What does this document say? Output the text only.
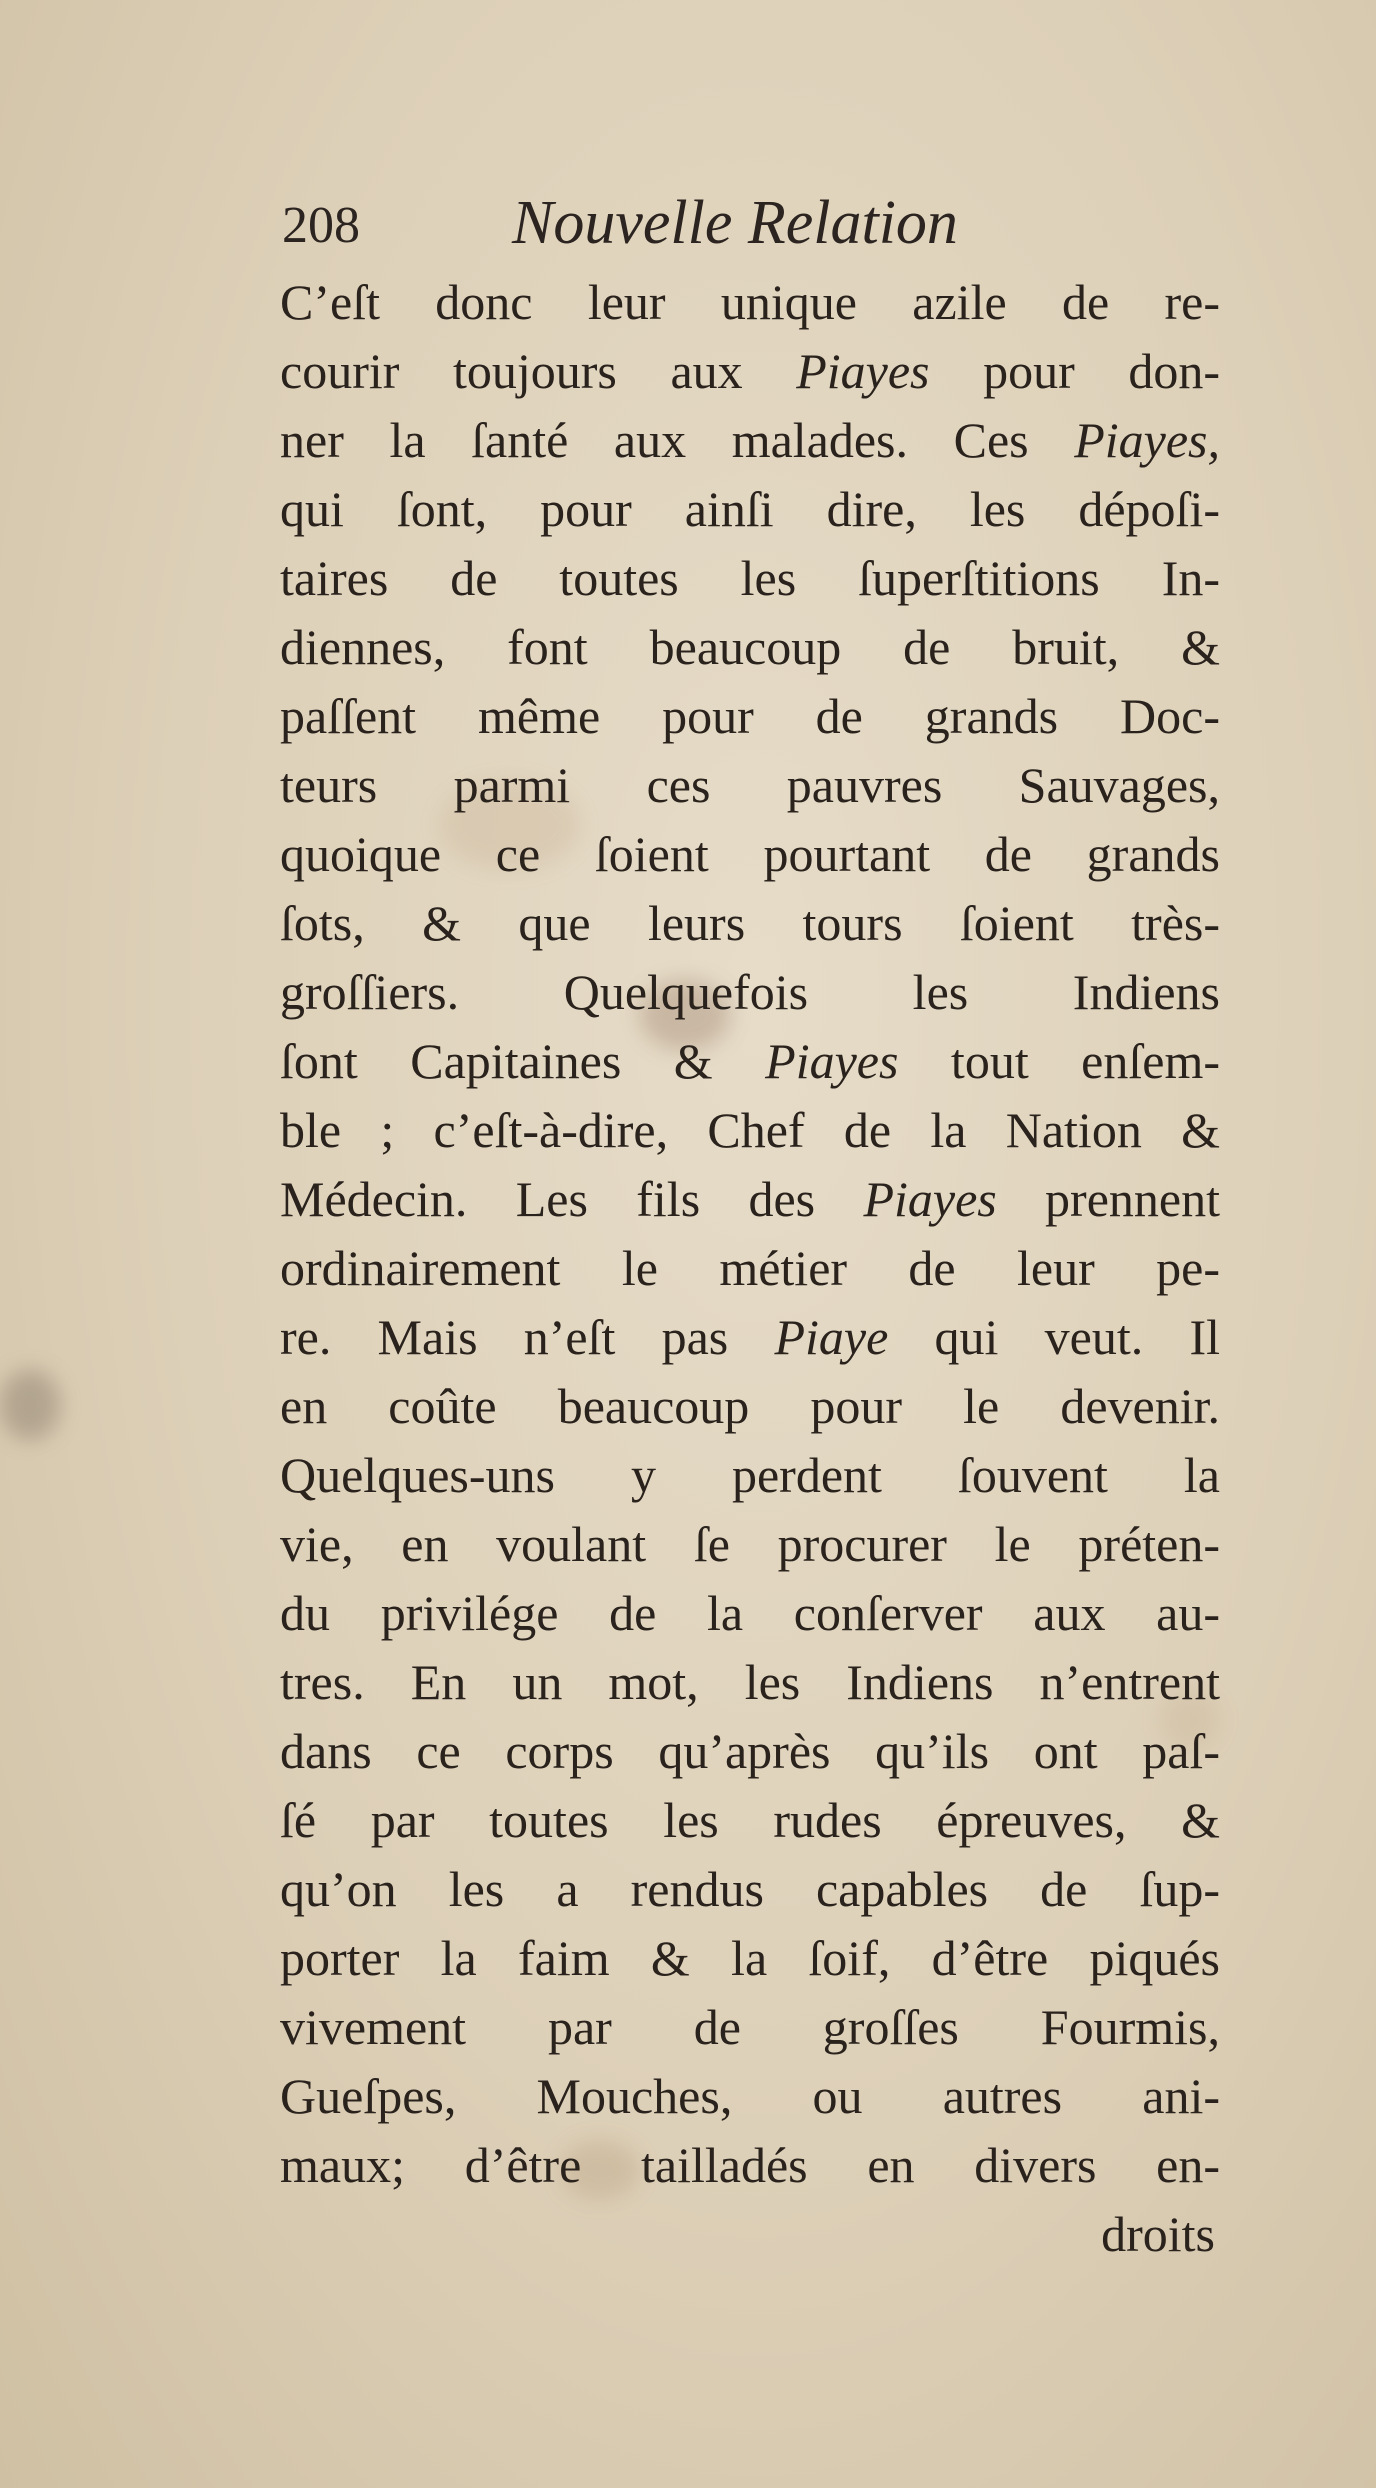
208 Nouvelle Relation
C’eſt donc leur unique azile de re-
courir toujours aux Piayes pour don-
ner la ſanté aux malades. Ces Piayes,
qui ſont, pour ainſi dire, les dépoſi-
taires de toutes les ſuperſtitions In-
diennes, font beaucoup de bruit, &
paſſent même pour de grands Doc-
teurs parmi ces pauvres Sauvages,
quoique ce ſoient pourtant de grands
ſots, & que leurs tours ſoient très-
groſſiers. Quelquefois les Indiens
ſont Capitaines & Piayes tout enſem-
ble ; c’eſt-à-dire, Chef de la Nation &
Médecin. Les fils des Piayes prennent
ordinairement le métier de leur pe-
re. Mais n’eſt pas Piaye qui veut. Il
en coûte beaucoup pour le devenir.
Quelques-uns y perdent ſouvent la
vie, en voulant ſe procurer le préten-
du privilége de la conſerver aux au-
tres. En un mot, les Indiens n’entrent
dans ce corps qu’après qu’ils ont paſ-
ſé par toutes les rudes épreuves, &
qu’on les a rendus capables de ſup-
porter la faim & la ſoif, d’être piqués
vivement par de groſſes Fourmis,
Gueſpes, Mouches, ou autres ani-
maux; d’être tailladés en divers en-
droits
